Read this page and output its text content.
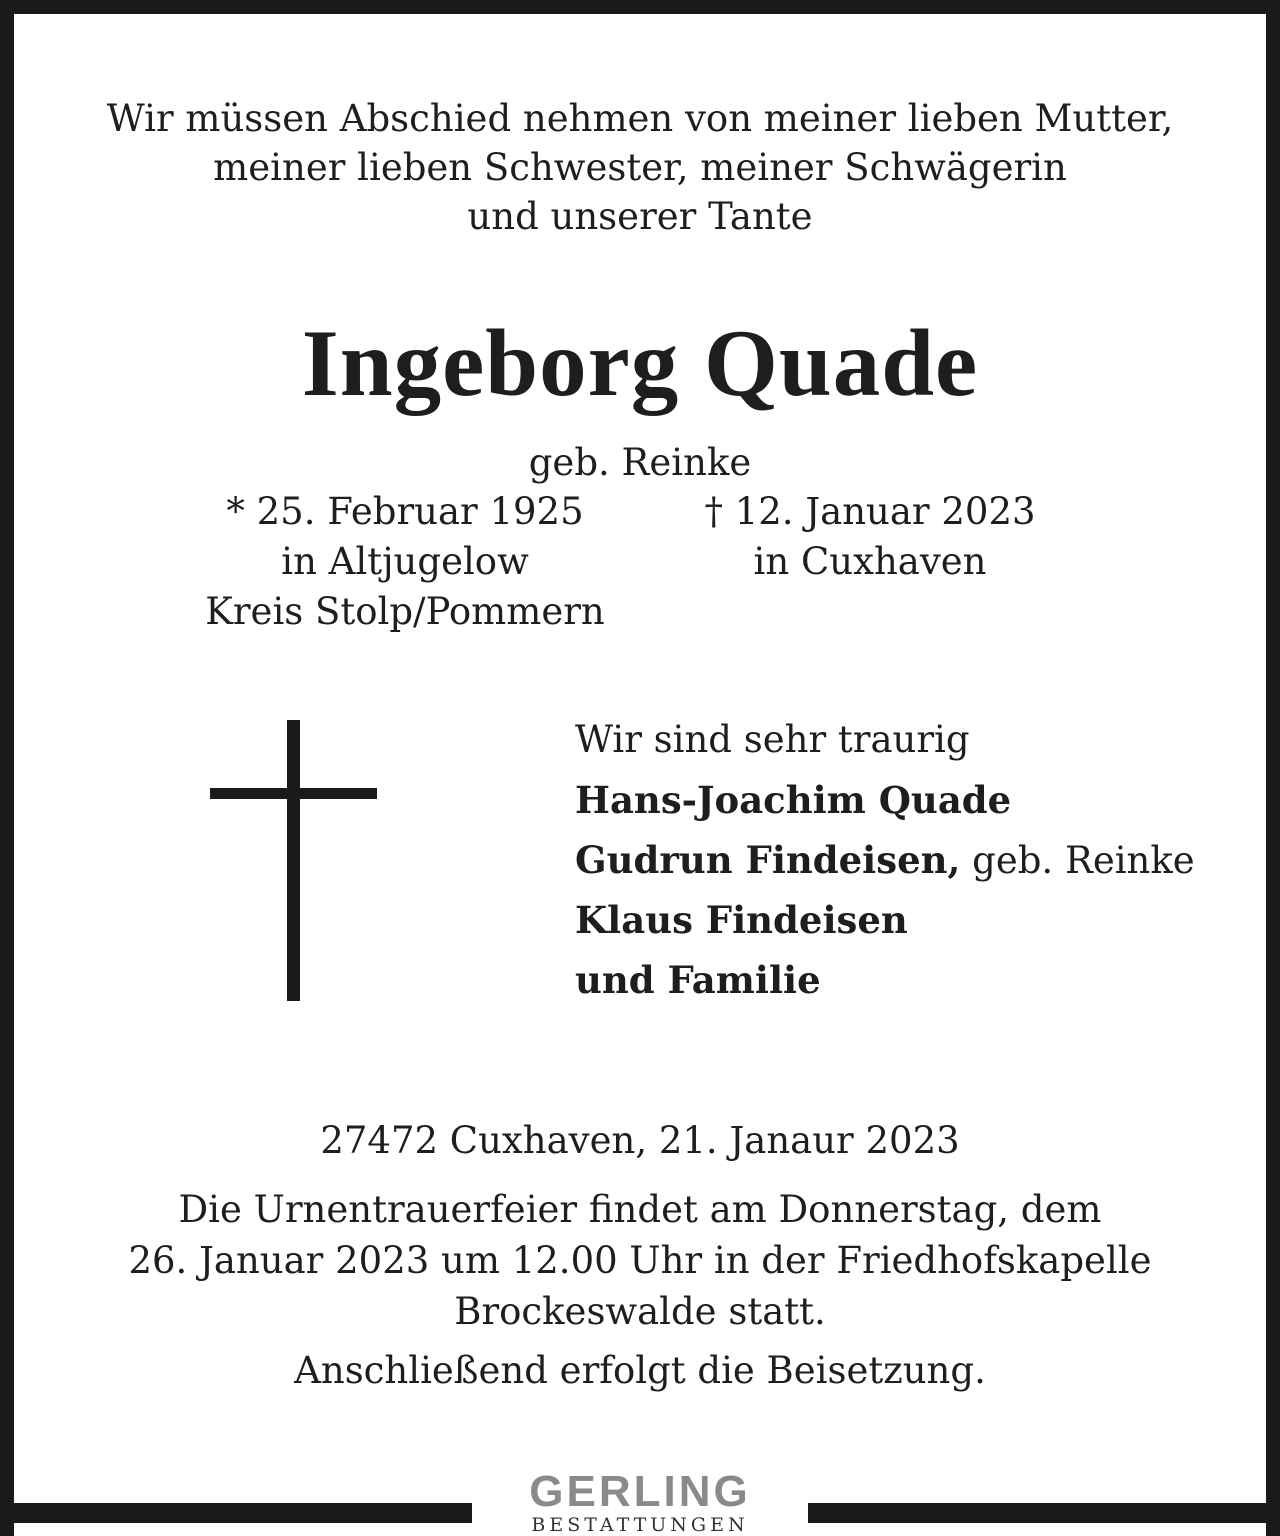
Wir müssen Abschied nehmen von meiner lieben Mutter,
meiner lieben Schwester, meiner Schwägerin
und unserer Tante
Ingeborg Quade
geb. Reinke
* 25. Februar 1925
in Altjugelow
Kreis Stolp/Pommern
† 12. Januar 2023
in Cuxhaven
Wir sind sehr traurig
Hans-Joachim Quade
Gudrun Findeisen, geb. Reinke
Klaus Findeisen
und Familie
27472 Cuxhaven, 21. Janaur 2023
Die Urnentrauerfeier findet am Donnerstag, dem
26. Januar 2023 um 12.00 Uhr in der Friedhofskapelle
Brockeswalde statt.
Anschließend erfolgt die Beisetzung.
GERLING
BESTATTUNGEN
